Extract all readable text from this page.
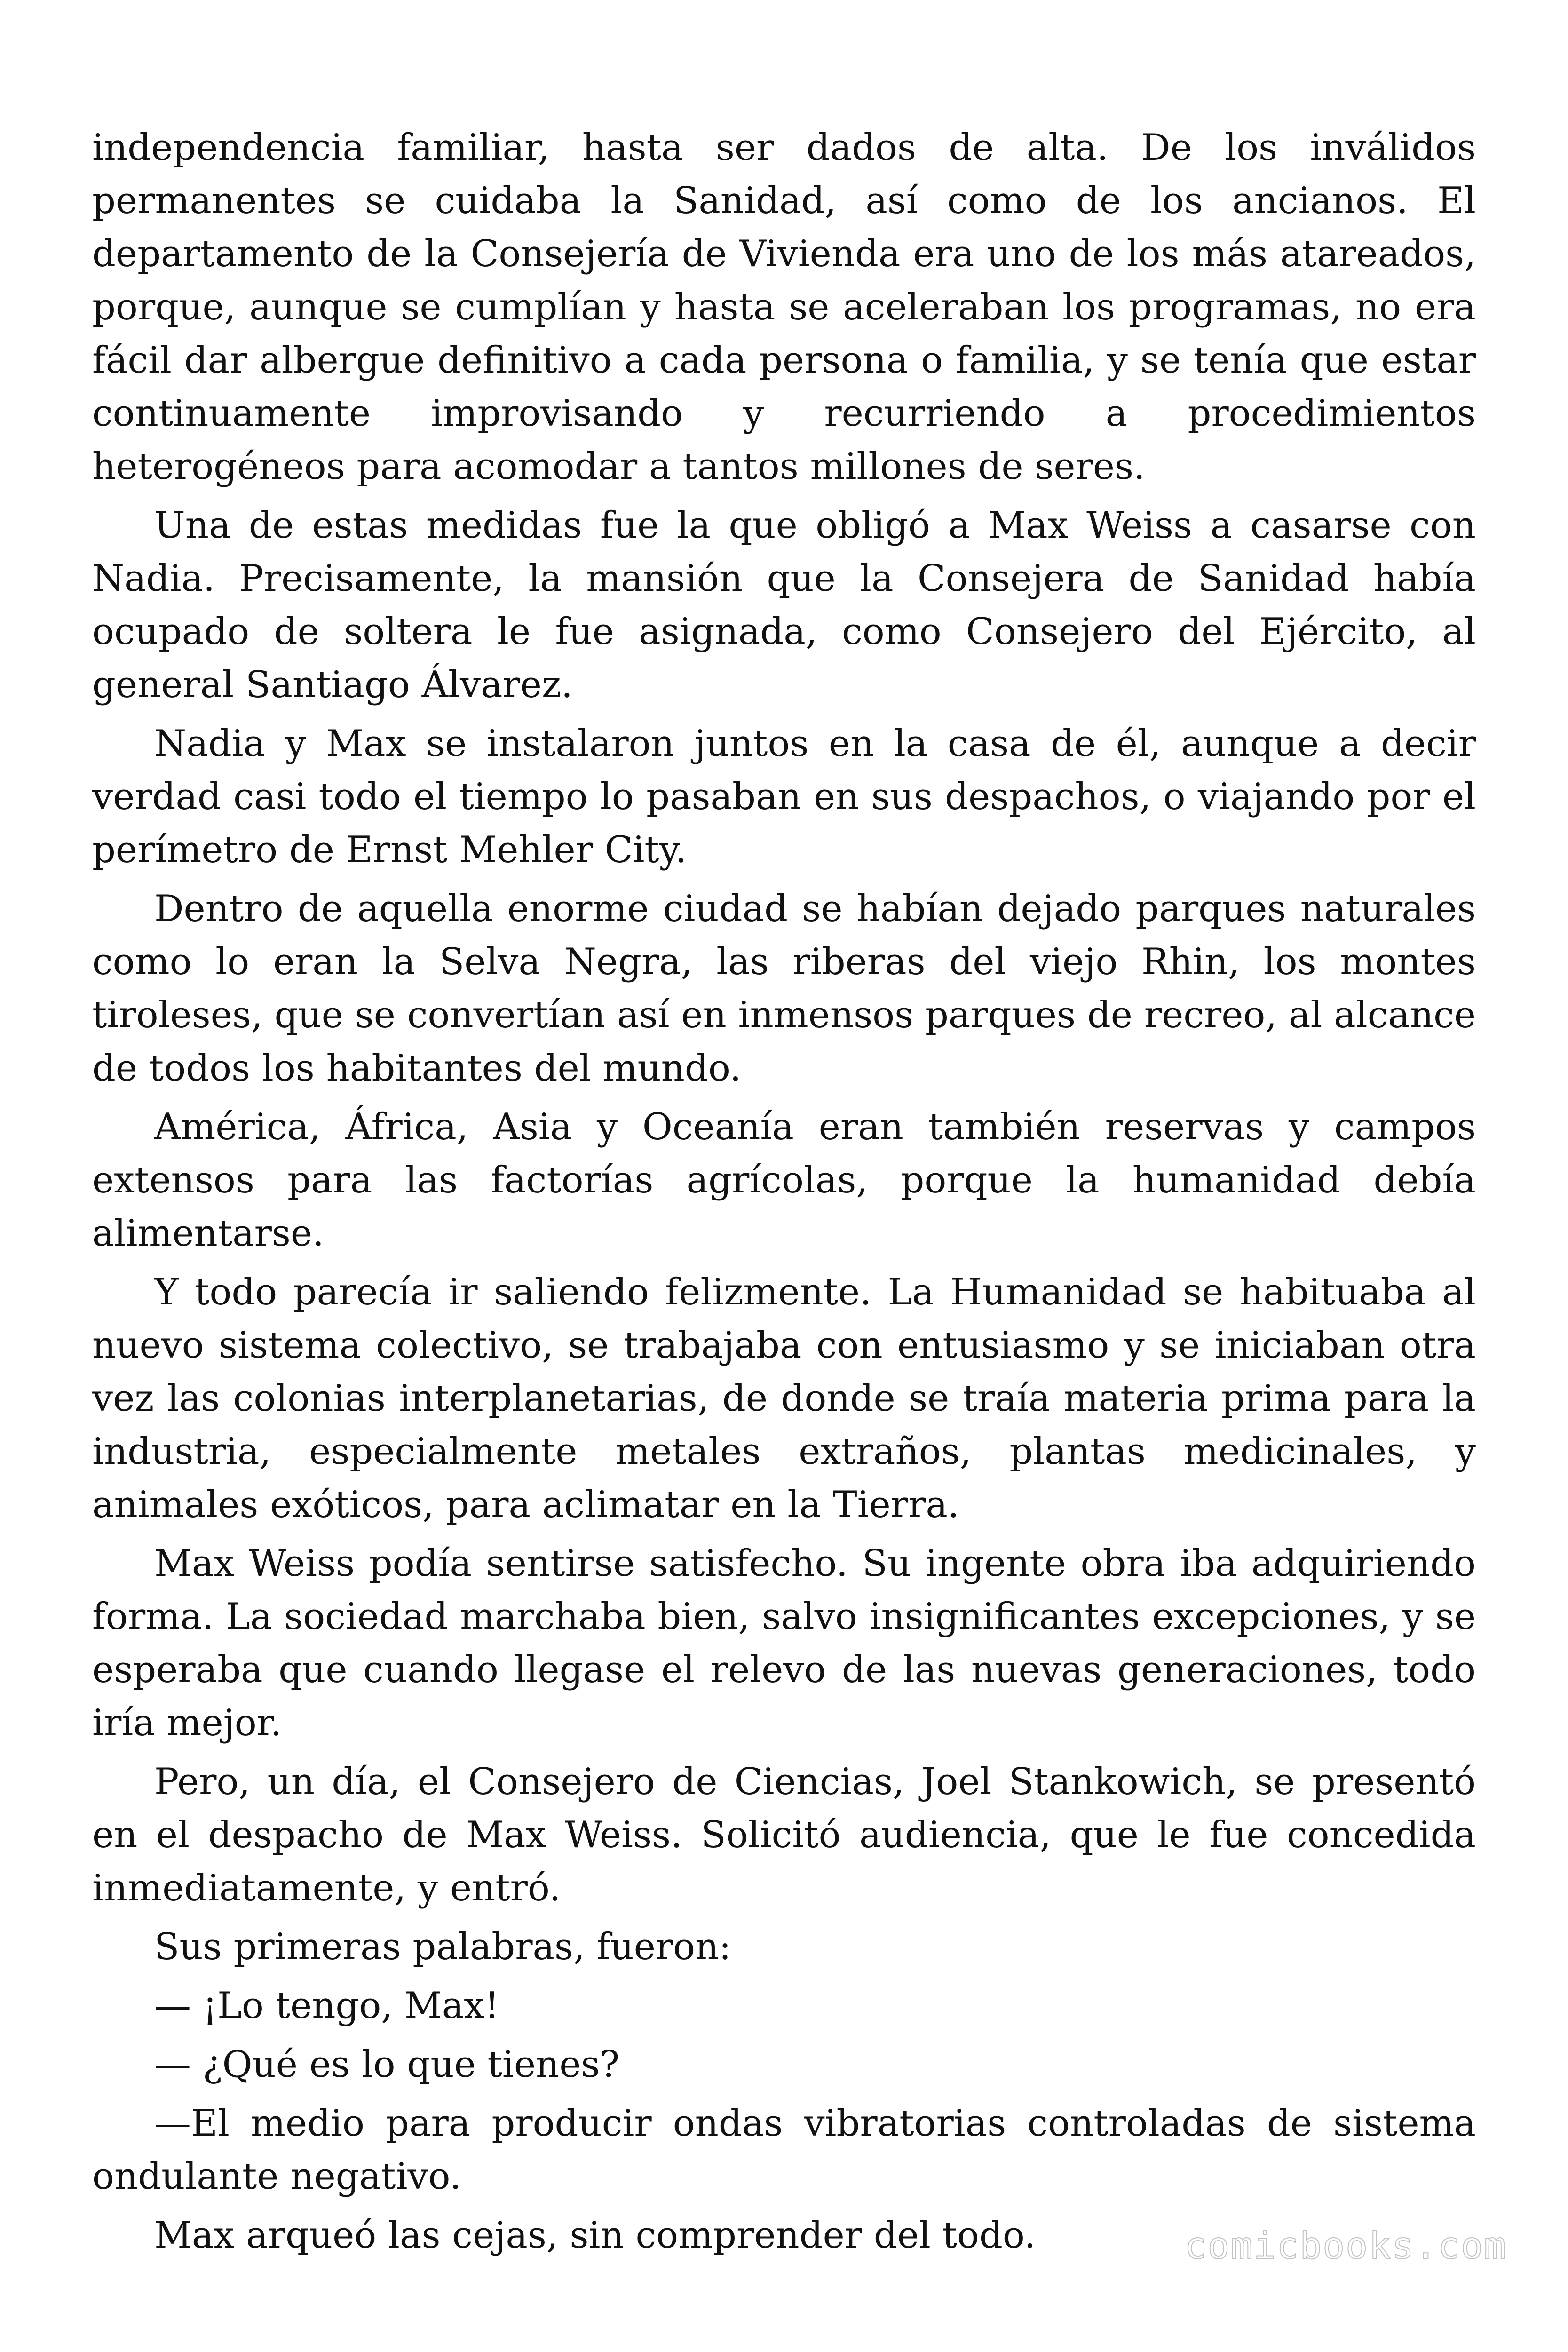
independencia familiar, hasta ser dados de alta. De los inválidos permanentes se cuidaba la Sanidad, así como de los ancianos. El departamento de la Consejería de Vivienda era uno de los más atareados, porque, aunque se cumplían y hasta se aceleraban los programas, no era fácil dar albergue definitivo a cada persona o familia, y se tenía que estar continuamente improvisando y recurriendo a procedimientos heterogéneos para acomodar a tantos millones de seres.

Una de estas medidas fue la que obligó a Max Weiss a casarse con Nadia. Precisamente, la mansión que la Consejera de Sanidad había ocupado de soltera le fue asignada, como Consejero del Ejército, al general Santiago Álvarez.

Nadia y Max se instalaron juntos en la casa de él, aunque a decir verdad casi todo el tiempo lo pasaban en sus despachos, o viajando por el perímetro de Ernst Mehler City.

Dentro de aquella enorme ciudad se habían dejado parques naturales como lo eran la Selva Negra, las riberas del viejo Rhin, los montes tiroleses, que se convertían así en inmensos parques de recreo, al alcance de todos los habitantes del mundo.

América, África, Asia y Oceanía eran también reservas y campos extensos para las factorías agrícolas, porque la humanidad debía alimentarse.

Y todo parecía ir saliendo felizmente. La Humanidad se habituaba al nuevo sistema colectivo, se trabajaba con entusiasmo y se iniciaban otra vez las colonias interplanetarias, de donde se traía materia prima para la industria, especialmente metales extraños, plantas medicinales, y animales exóticos, para aclimatar en la Tierra.

Max Weiss podía sentirse satisfecho. Su ingente obra iba adquiriendo forma. La sociedad marchaba bien, salvo insignificantes excepciones, y se esperaba que cuando llegase el relevo de las nuevas generaciones, todo iría mejor.

Pero, un día, el Consejero de Ciencias, Joel Stankowich, se presentó en el despacho de Max Weiss. Solicitó audiencia, que le fue concedida inmediatamente, y entró.

Sus primeras palabras, fueron:

— ¡Lo tengo, Max!

— ¿Qué es lo que tienes?

—El medio para producir ondas vibratorias controladas de sistema ondulante negativo.

Max arqueó las cejas, sin comprender del todo.	comicbooks.com
